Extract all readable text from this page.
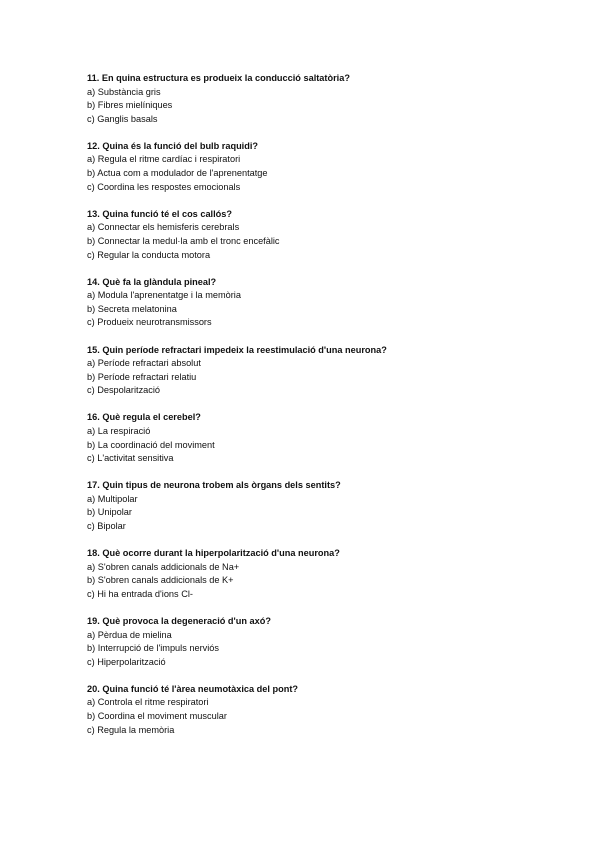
11. En quina estructura es produeix la conducció saltatòria?
a) Substància gris
b) Fibres mielíniques
c) Ganglis basals
12. Quina és la funció del bulb raquidi?
a) Regula el ritme cardíac i respiratori
b) Actua com a modulador de l'aprenentatge
c) Coordina les respostes emocionals
13. Quina funció té el cos callós?
a) Connectar els hemisferis cerebrals
b) Connectar la medul·la amb el tronc encefàlic
c) Regular la conducta motora
14. Què fa la glàndula pineal?
a) Modula l'aprenentatge i la memòria
b) Secreta melatonina
c) Produeix neurotransmissors
15. Quin període refractari impedeix la reestimulació d'una neurona?
a) Període refractari absolut
b) Període refractari relatiu
c) Despolarització
16. Què regula el cerebel?
a) La respiració
b) La coordinació del moviment
c) L'activitat sensitiva
17. Quin tipus de neurona trobem als òrgans dels sentits?
a) Multipolar
b) Unipolar
c) Bipolar
18. Què ocorre durant la hiperpolarització d'una neurona?
a) S'obren canals addicionals de Na+
b) S'obren canals addicionals de K+
c) Hi ha entrada d'ions Cl-
19. Què provoca la degeneració d'un axó?
a) Pèrdua de mielina
b) Interrupció de l'impuls nerviós
c) Hiperpolarització
20. Quina funció té l'àrea neumotàxica del pont?
a) Controla el ritme respiratori
b) Coordina el moviment muscular
c) Regula la memòria
